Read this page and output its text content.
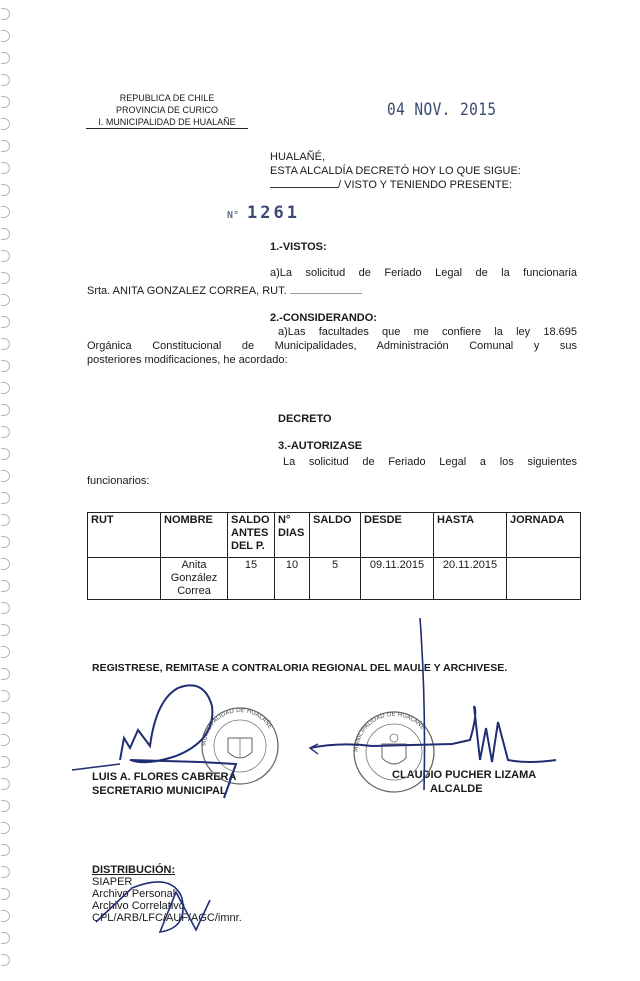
REPUBLICA DE CHILE
PROVINCIA DE CURICO
I. MUNICIPALIDAD DE HUALAÑE
04 NOV. 2015
HUALAÑÉ,
ESTA ALCALDÍA DECRETÓ HOY LO QUE SIGUE:
/ VISTO Y TENIENDO PRESENTE:
N° 1261
1.-VISTOS:
a)La solicitud de Feriado Legal de la funcionaria
Srta. ANITA GONZALEZ CORREA, RUT.
2.-CONSIDERANDO:
a)Las facultades que me confiere la ley 18.695
Orgánica Constitucional de Municipalidades, Administración Comunal y sus
posteriores modificaciones, he acordado:
DECRETO
3.-AUTORIZASE
La solicitud de Feriado Legal a los siguientes
funcionarios:
RUT	NOMBRE	SALDO ANTES DEL P.	N° DIAS	SALDO	DESDE	HASTA	JORNADA
	Anita González Correa	15	10	5	09.11.2015	20.11.2015	
REGISTRESE, REMITASE A CONTRALORIA REGIONAL DEL MAULE Y ARCHIVESE.
LUIS A. FLORES CABRERA
SECRETARIO MUNICIPAL
CLAUDIO PUCHER LIZAMA
ALCALDE
DISTRIBUCIÓN:
SIAPER
Archivo Personal
Archivo Correlativo
CPL/ARB/LFC/AUF/AGC/imnr.
MUNICIPALIDAD DE HUALAÑE
MUNICIPALIDAD DE HUALAÑE
